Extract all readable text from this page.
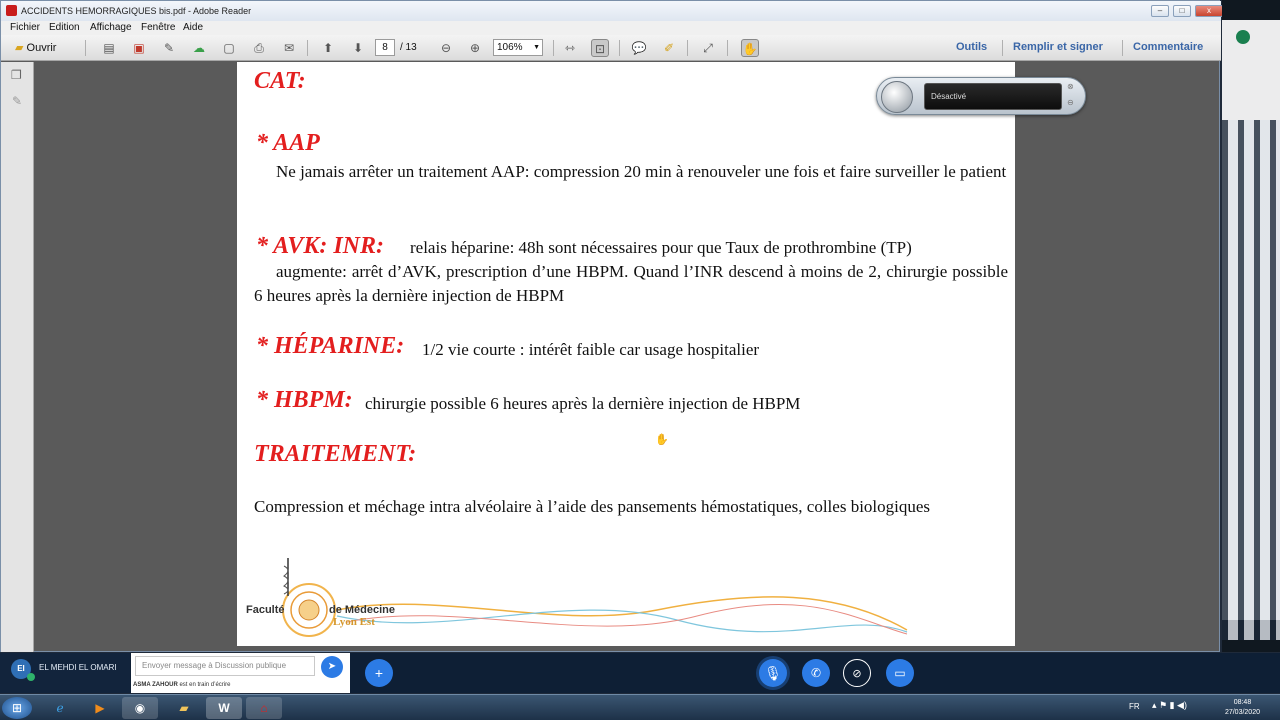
ACCIDENTS HEMORRAGIQUES bis.pdf - Adobe Reader	–	□	x
Fichier Edition Affichage Fenêtre Aide
▰ Ouvrir	▤ ▣	✎	☁ ▢	⎙	✉	⬆	⬇	8	/ 13	⊖	⊕	106% ▼	⇿	⊡	💬	✐	⤢	✋	Outils Remplir et signer	Commentaire
❐
✎
CAT:
* AAP
Ne jamais arrêter un traitement AAP: compression 20 min à renouveler une fois et faire surveiller le patient
* AVK: INR: relais héparine: 48h sont nécessaires pour que Taux de prothrombine (TP)
augmente: arrêt d’AVK, prescription d’une HBPM. Quand l’INR descend à moins de 2, chirurgie possible 6 heures après la dernière injection de HBPM
* HÉPARINE: 1/2 vie courte : intérêt faible car usage hospitalier
* HBPM: chirurgie possible 6 heures après la dernière injection de HBPM
✋
TRAITEMENT:
Compression et méchage intra alvéolaire à l’aide des pansements hémostatiques, colles biologiques
Faculté	de Médecine
Lyon Est
Désactivé
⊗
⊖
EI	EL MEHDI EL OMARI	Envoyer message à Discussion publique	➤
ASMA ZAHOUR est en train d’écrire
+	🎙	✆	⊘	▭
⊞	ℯ	▶	◉	▰	W	⌂	FR ▴ ⚑ ▮ ◀)	08:48
27/03/2020
